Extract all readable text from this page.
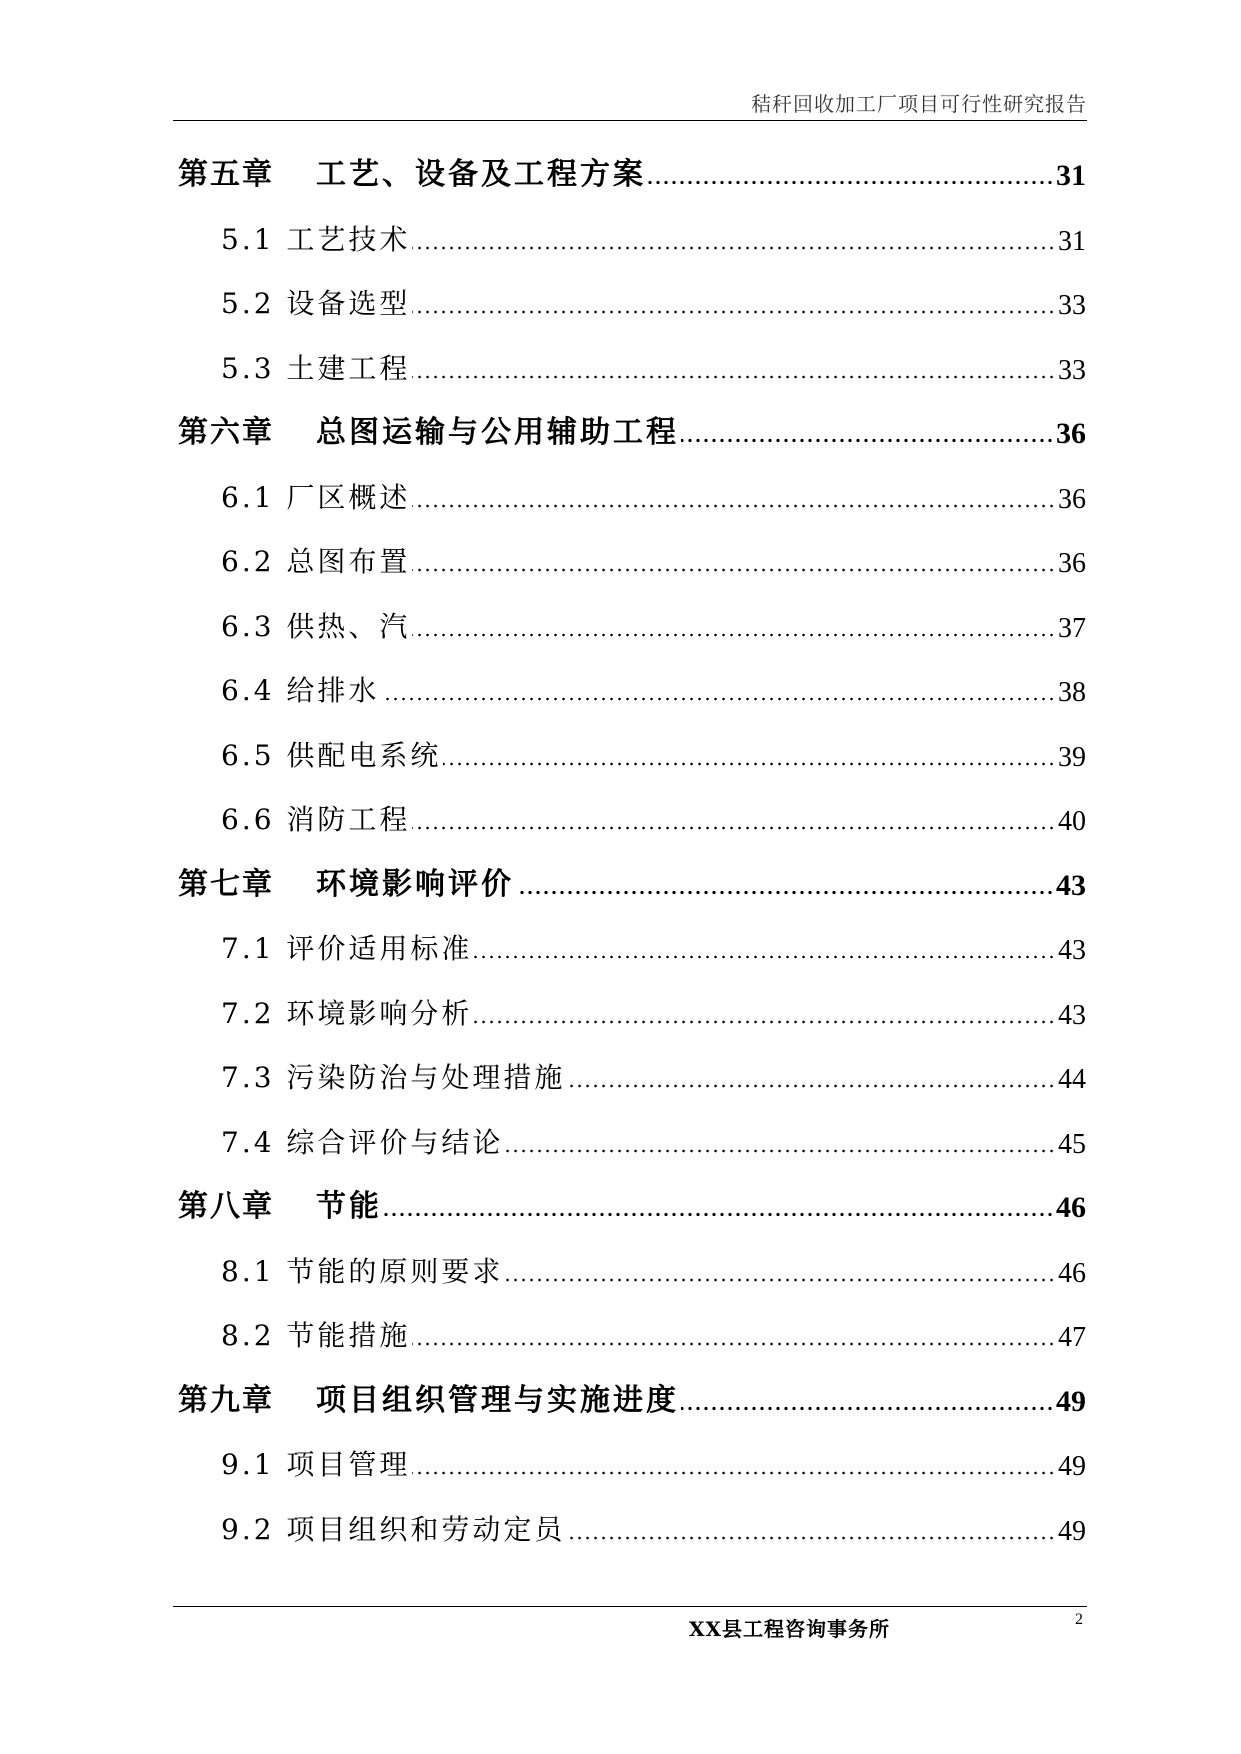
秸秆回收加工厂项目可行性研究报告
第五章	工艺、设备及工程方案	31
5.1 工艺技术	31
5.2 设备选型	33
5.3 土建工程	33
第六章	总图运输与公用辅助工程	36
6.1 厂区概述	36
6.2 总图布置	36
6.3 供热、汽	37
6.4 给排水	38
6.5 供配电系统	39
6.6 消防工程	40
第七章	环境影响评价	43
7.1 评价适用标准	43
7.2 环境影响分析	43
7.3 污染防治与处理措施	44
7.4 综合评价与结论	45
第八章	节能	46
8.1 节能的原则要求	46
8.2 节能措施	47
第九章	项目组织管理与实施进度	49
9.1 项目管理	49
9.2 项目组织和劳动定员	49
XX县工程咨询事务所	2
